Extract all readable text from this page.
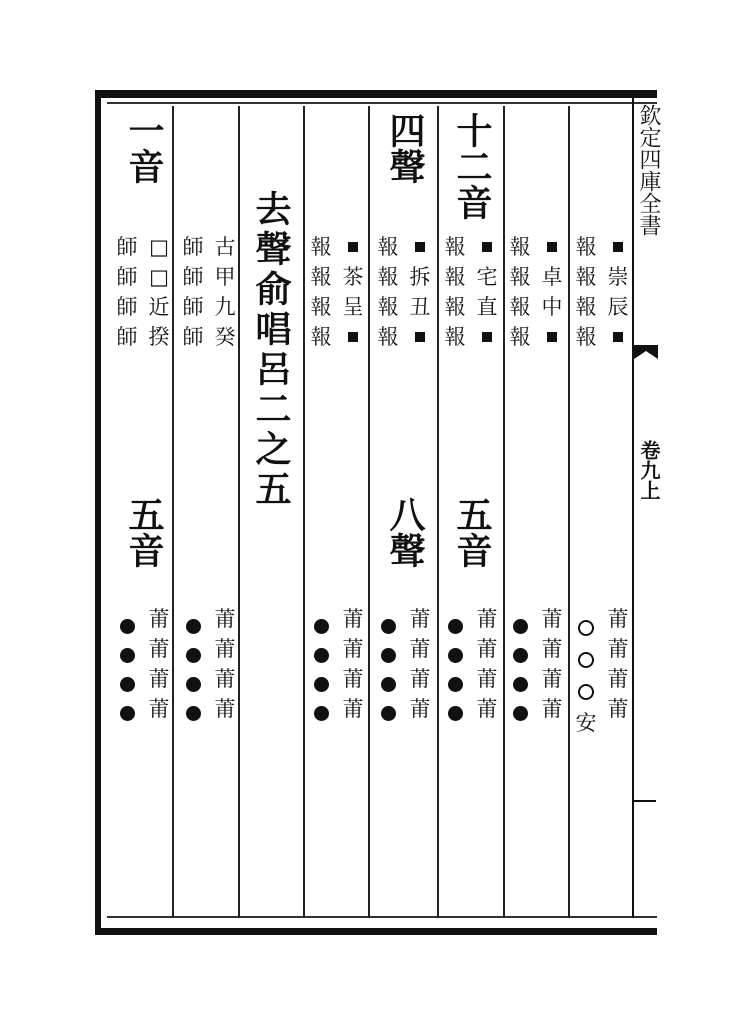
欽定四庫全書
卷九上
去聲俞唱呂二之五
十二音
報
報
報
報
宅
直
五音
莆
莆
莆
莆
報
報
報
報
卓
中
莆
莆
莆
莆
報
報
報
報
崇
辰
安
莆
莆
莆
莆
四聲
報
報
報
報
拆
丑
八聲
莆
莆
莆
莆
報
報
報
報
茶
呈
莆
莆
莆
莆
師
師
師
師
古
甲
九
癸
莆
莆
莆
莆
一音
師
師
師
師
□
□
近
揆
五音
莆
莆
莆
莆
